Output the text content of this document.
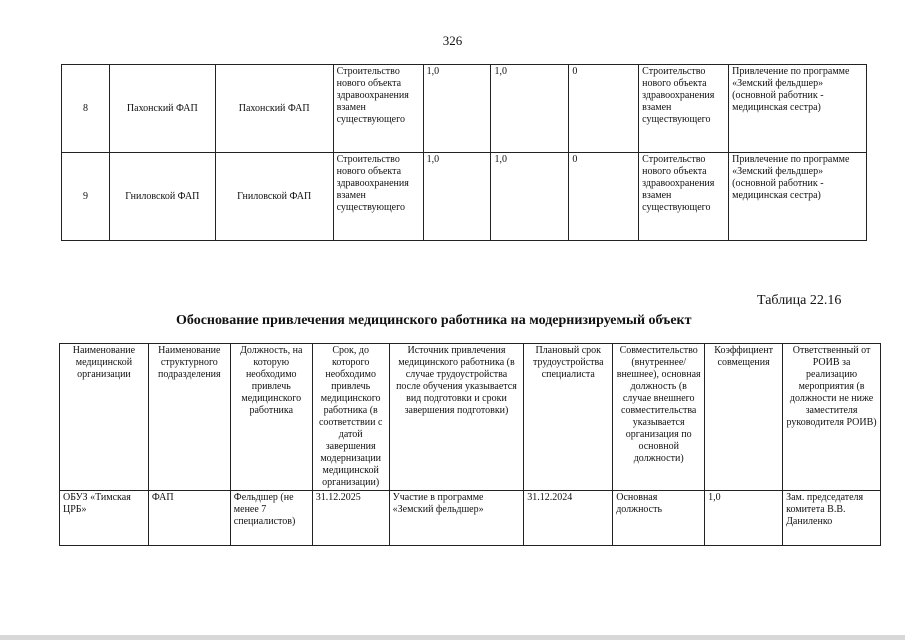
326
8	Пахонский ФАП	Пахонский ФАП	Строительство нового объекта здравоохранения взамен существующего	1,0	1,0	0	Строительство нового объекта здравоохранения взамен существующего	Привлечение по программе «Земский фельдшер» (основной работник - медицинская сестра)
9	Гниловской ФАП	Гниловской ФАП	Строительство нового объекта здравоохранения взамен существующего	1,0	1,0	0	Строительство нового объекта здравоохранения взамен существующего	Привлечение по программе «Земский фельдшер» (основной работник - медицинская сестра)
Таблица 22.16
Обоснование привлечения медицинского работника на модернизируемый объект
Наименование медицинской организации	Наименование структурного подразделения	Должность, на которую необходимо привлечь медицинского работника	Срок, до которого необходимо привлечь медицинского работника (в соответствии с датой завершения модернизации медицинской организации)	Источник привлечения медицинского работника (в случае трудоустройства после обучения указывается вид подготовки и сроки завершения подготовки)	Плановый срок трудоустройства специалиста	Совместительство (внутреннее/внешнее), основная должность (в случае внешнего совместительства указывается организация по основной должности)	Коэффициент совмещения	Ответственный от РОИВ за реализацию мероприятия (в должности не ниже заместителя руководителя РОИВ)
ОБУЗ «Тимская ЦРБ»	ФАП	Фельдшер (не менее 7 специалистов)	31.12.2025	Участие в программе «Земский фельдшер»	31.12.2024	Основная должность	1,0	Зам. председателя комитета В.В. Даниленко
